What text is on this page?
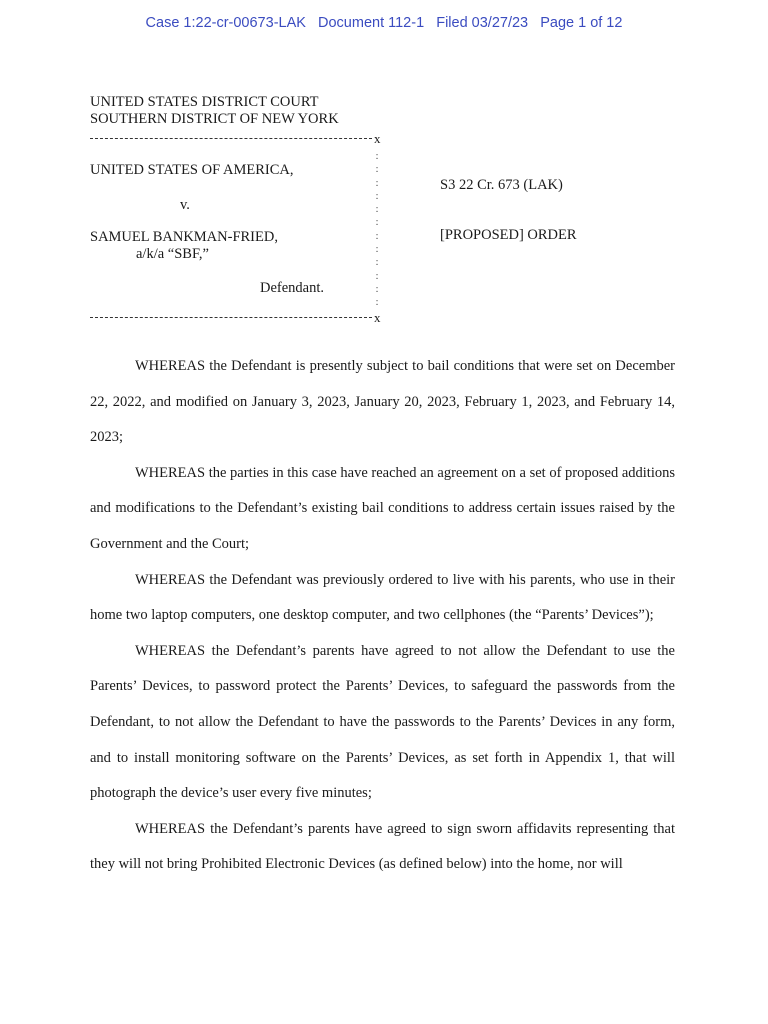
Case 1:22-cr-00673-LAK   Document 112-1   Filed 03/27/23   Page 1 of 12
UNITED STATES DISTRICT COURT
SOUTHERN DISTRICT OF NEW YORK
x
:
:
:
:
:
:
:
:
:
:
:
:
UNITED STATES OF AMERICA,
v.
SAMUEL BANKMAN-FRIED,
a/k/a “SBF,”
Defendant.
S3 22 Cr. 673 (LAK)
[PROPOSED] ORDER
x

WHEREAS the Defendant is presently subject to bail conditions that were set on December 22, 2022, and modified on January 3, 2023, January 20, 2023, February 1, 2023, and February 14, 2023;

WHEREAS the parties in this case have reached an agreement on a set of proposed additions and modifications to the Defendant’s existing bail conditions to address certain issues raised by the Government and the Court;

WHEREAS the Defendant was previously ordered to live with his parents, who use in their home two laptop computers, one desktop computer, and two cellphones (the “Parents’ Devices”);

WHEREAS the Defendant’s parents have agreed to not allow the Defendant to use the Parents’ Devices, to password protect the Parents’ Devices, to safeguard the passwords from the Defendant, to not allow the Defendant to have the passwords to the Parents’ Devices in any form, and to install monitoring software on the Parents’ Devices, as set forth in Appendix 1, that will photograph the device’s user every five minutes;

WHEREAS the Defendant’s parents have agreed to sign sworn affidavits representing that they will not bring Prohibited Electronic Devices (as defined below) into the home, nor will
